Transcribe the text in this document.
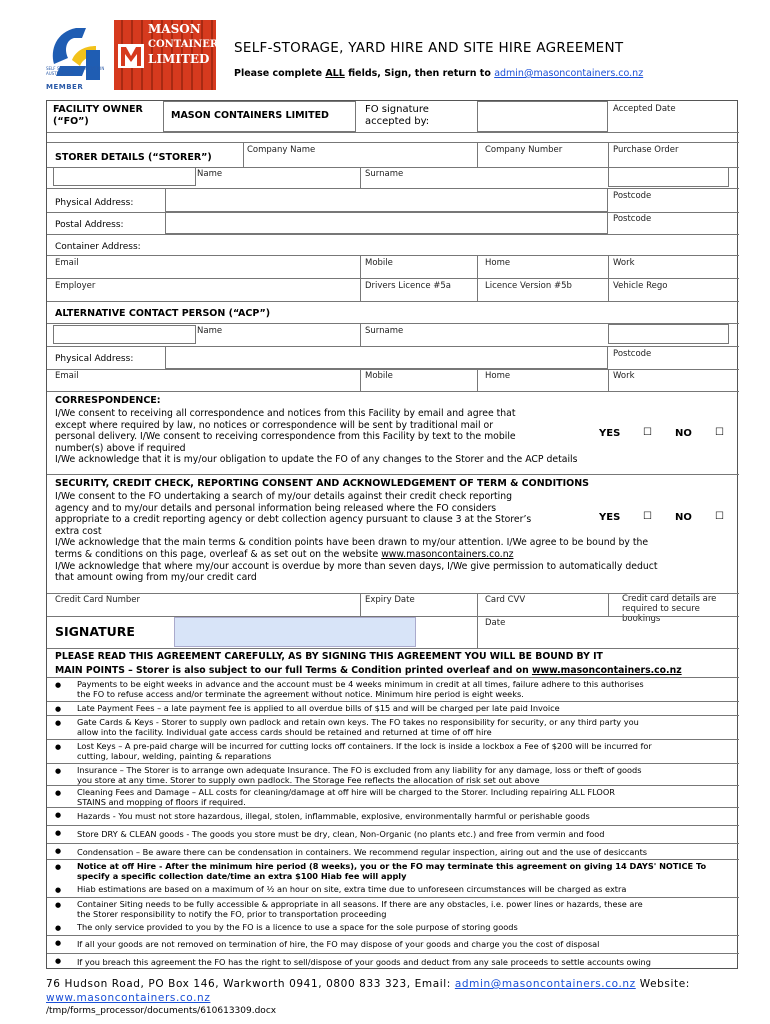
SELF STORAGE ASSOCIATION AUSTRALASIA
MEMBER
MASON
CONTAINERS
LIMITED
SELF-STORAGE, YARD HIRE AND SITE HIRE AGREEMENT
Please complete ALL fields, Sign, then return to admin@masoncontainers.co.nz
FACILITY OWNER (“FO”)
MASON CONTAINERS LIMITED
FO signature accepted by:
Accepted Date
STORER DETAILS (“STORER”)
Company Name	Company Number	Purchase Order
Name	Surname
Physical Address:
Postcode
Postal Address:
Postcode
Container Address:
Email	Mobile	Home	Work
Employer	Drivers Licence #5a	Licence Version #5b	Vehicle Rego
ALTERNATIVE CONTACT PERSON (“ACP”)
Name	Surname
Physical Address:	Postcode
Email	Mobile	Home	Work
CORRESPONDENCE:
I/We consent to receiving all correspondence and notices from this Facility by email and agree that
except where required by law, no notices or correspondence will be sent by traditional mail or
personal delivery. I/We consent to receiving correspondence from this Facility by text to the mobile
number(s) above if required
I/We acknowledge that it is my/our obligation to update the FO of any changes to the Storer and the ACP details
YES ☐ NO ☐
SECURITY, CREDIT CHECK, REPORTING CONSENT AND ACKNOWLEDGEMENT OF TERM & CONDITIONS
I/We consent to the FO undertaking a search of my/our details against their credit check reporting
agency and to my/our details and personal information being released where the FO considers
appropriate to a credit reporting agency or debt collection agency pursuant to clause 3 at the Storer’s
extra cost
I/We acknowledge that the main terms & condition points have been drawn to my/our attention. I/We agree to be bound by the
terms & conditions on this page, overleaf & as set out on the website www.masoncontainers.co.nz
I/We acknowledge that where my/our account is overdue by more than seven days, I/We give permission to automatically deduct
that amount owing from my/our credit card
YES ☐ NO ☐
Credit Card Number	Expiry Date	Card CVV	Credit card details are required to secure bookings
SIGNATURE
Date
PLEASE READ THIS AGREEMENT CAREFULLY, AS BY SIGNING THIS AGREEMENT YOU WILL BE BOUND BY IT
MAIN POINTS – Storer is also subject to our full Terms & Condition printed overleaf and on www.masoncontainers.co.nz
● Payments to be eight weeks in advance and the account must be 4 weeks minimum in credit at all times, failure adhere to this authorises
the FO to refuse access and/or terminate the agreement without notice. Minimum hire period is eight weeks.
● Late Payment Fees – a late payment fee is applied to all overdue bills of $15 and will be charged per late paid Invoice
● Gate Cards & Keys - Storer to supply own padlock and retain own keys. The FO takes no responsibility for security, or any third party you
allow into the facility. Individual gate access cards should be retained and returned at time of off hire
● Lost Keys – A pre-paid charge will be incurred for cutting locks off containers. If the lock is inside a lockbox a Fee of $200 will be incurred for
cutting, labour, welding, painting & reparations
● Insurance – The Storer is to arrange own adequate Insurance. The FO is excluded from any liability for any damage, loss or theft of goods
you store at any time. Storer to supply own padlock. The Storage Fee reflects the allocation of risk set out above
● Cleaning Fees and Damage – ALL costs for cleaning/damage at off hire will be charged to the Storer. Including repairing ALL FLOOR
STAINS and mopping of floors if required.
● Hazards - You must not store hazardous, illegal, stolen, inflammable, explosive, environmentally harmful or perishable goods
● Store DRY & CLEAN goods - The goods you store must be dry, clean, Non-Organic (no plants etc.) and free from vermin and food
● Condensation – Be aware there can be condensation in containers. We recommend regular inspection, airing out and the use of desiccants
● Notice at off Hire - After the minimum hire period (8 weeks), you or the FO may terminate this agreement on giving 14 DAYS' NOTICE To
specify a specific collection date/time an extra $100 Hiab fee will apply
● Hiab estimations are based on a maximum of ½ an hour on site, extra time due to unforeseen circumstances will be charged as extra
● Container Siting needs to be fully accessible & appropriate in all seasons. If there are any obstacles, i.e. power lines or hazards, these are
the Storer responsibility to notify the FO, prior to transportation proceeding
● The only service provided to you by the FO is a licence to use a space for the sole purpose of storing goods
● If all your goods are not removed on termination of hire, the FO may dispose of your goods and charge you the cost of disposal
● If you breach this agreement the FO has the right to sell/dispose of your goods and deduct from any sale proceeds to settle accounts owing
76 Hudson Road, PO Box 146, Warkworth 0941, 0800 833 323, Email: admin@masoncontainers.co.nz Website:
www.masoncontainers.co.nz
/tmp/forms_processor/documents/610613309.docx
